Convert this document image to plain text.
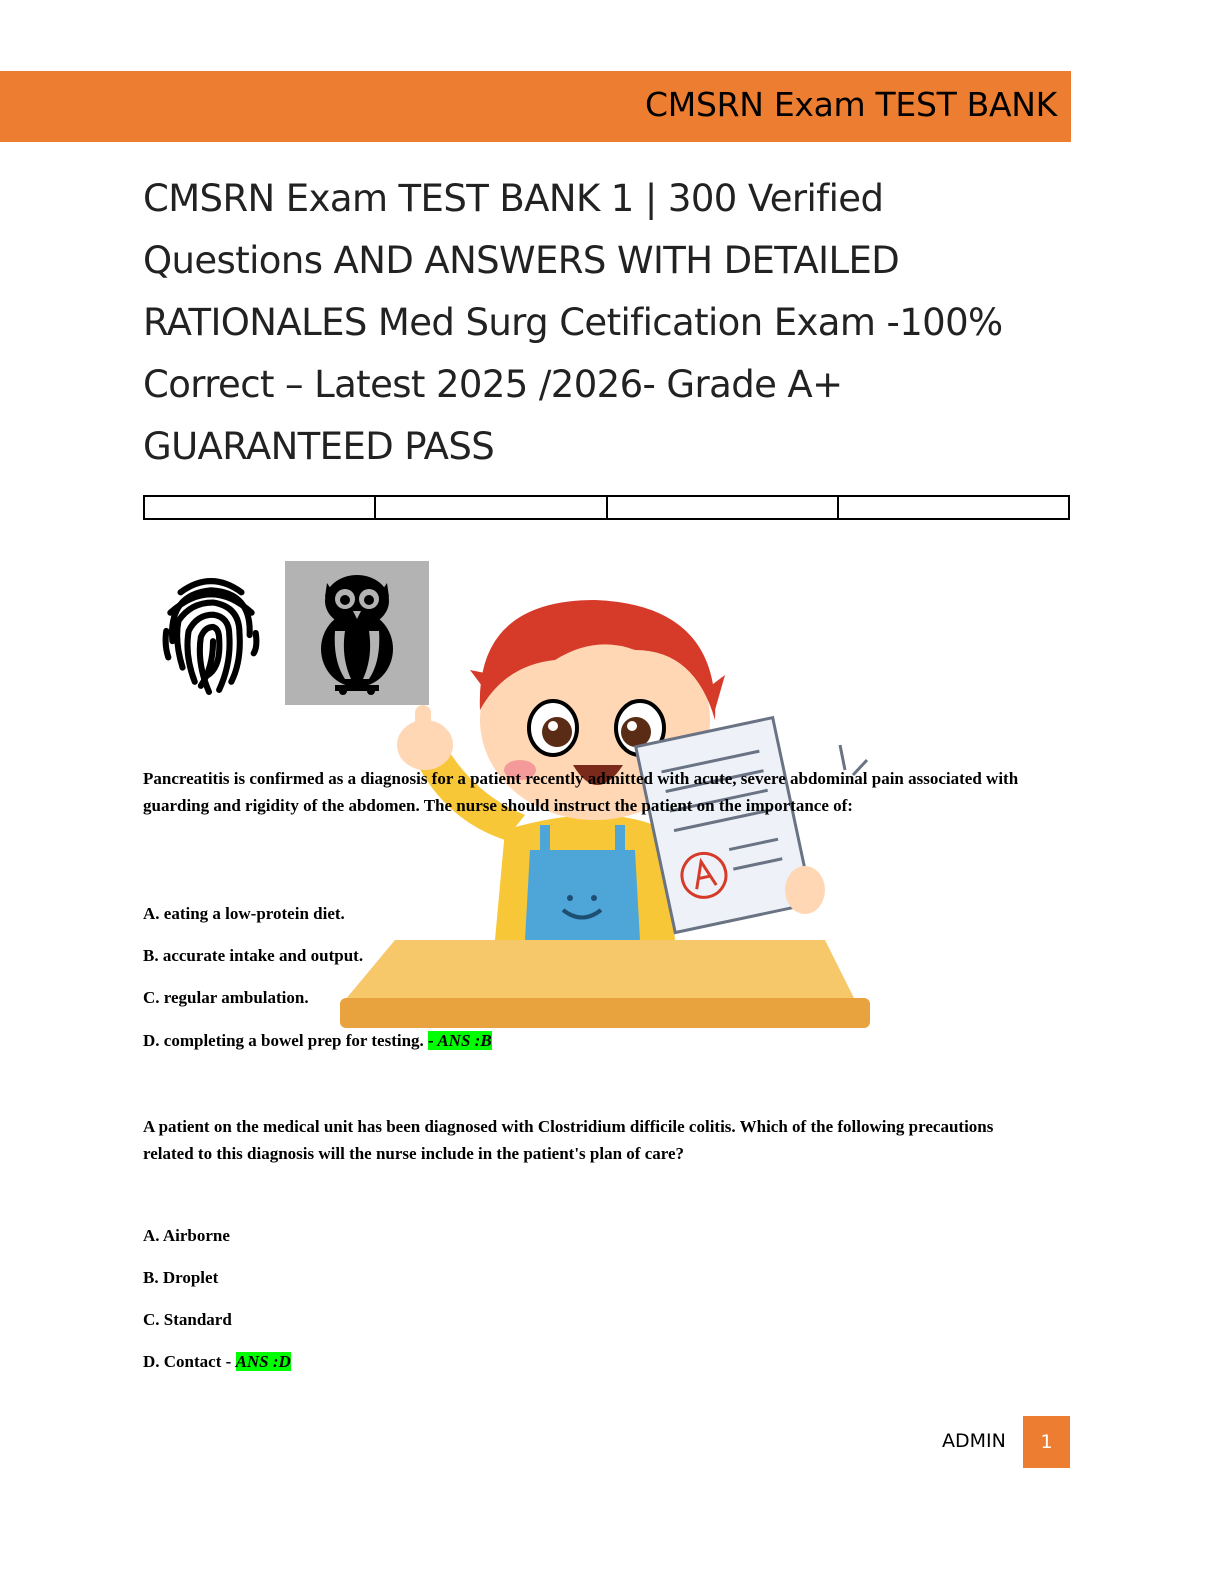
CMSRN Exam TEST BANK
CMSRN Exam TEST BANK 1 | 300 Verified Questions AND ANSWERS WITH DETAILED RATIONALES Med Surg Cetification Exam -100% Correct – Latest 2025 /2026- Grade A+ GUARANTEED PASS

Pancreatitis is confirmed as a diagnosis for a patient recently admitted with acute, severe abdominal pain associated with guarding and rigidity of the abdomen. The nurse should instruct the patient on the importance of:

A. eating a low-protein diet.

B. accurate intake and output.

C. regular ambulation.

D. completing a bowel prep for testing. - ANS :B

A patient on the medical unit has been diagnosed with Clostridium difficile colitis. Which of the following precautions related to this diagnosis will the nurse include in the patient's plan of care?

A. Airborne

B. Droplet

C. Standard

D. Contact - ANS :D

ADMIN	1
